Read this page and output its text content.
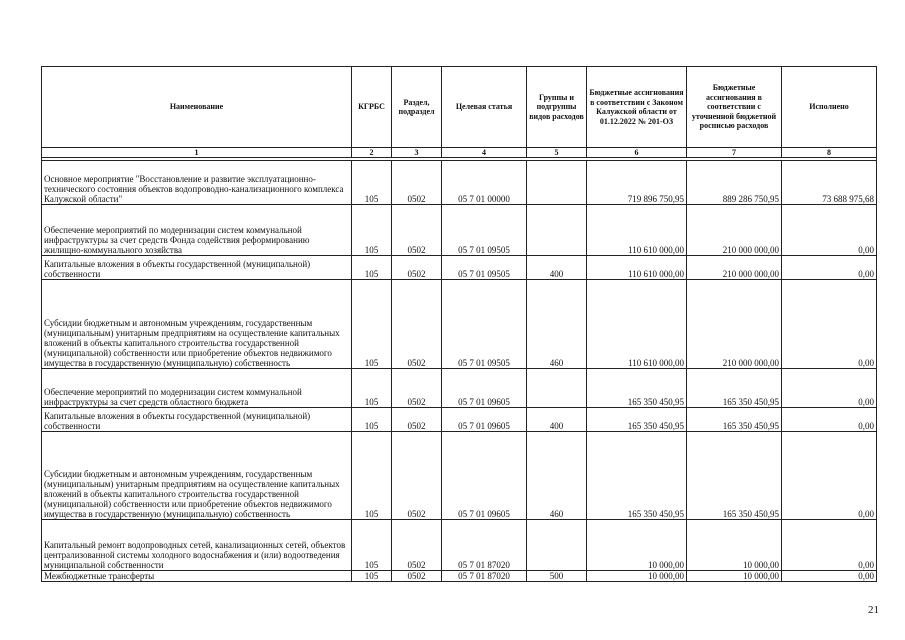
Наименование	КГРБС	Раздел, подраздел	Целевая статья	Группы и подгруппы видов расходов	Бюджетные ассигнования в соответствии с Законом Калужской области от 01.12.2022 № 201-ОЗ	Бюджетные ассигнования в соответствии с уточненной бюджетной росписью расходов	Исполнено
1	2	3	4	5	6	7	8

Основное мероприятие "Восстановление и развитие эксплуатационно-технического состояния объектов водопроводно-канализационного комплекса Калужской области"	105	0502	05 7 01 00000		719 896 750,95	889 286 750,95	73 688 975,68
Обеспечение мероприятий по модернизации систем коммунальной инфраструктуры за счет средств Фонда содействия реформированию жилищно-коммунального хозяйства	105	0502	05 7 01 09505		110 610 000,00	210 000 000,00	0,00
Капитальные вложения в объекты государственной (муниципальной) собственности	105	0502	05 7 01 09505	400	110 610 000,00	210 000 000,00	0,00
Субсидии бюджетным и автономным учреждениям, государственным (муниципальным) унитарным предприятиям на осуществление капитальных вложений в объекты капитального строительства государственной (муниципальной) собственности или приобретение объектов недвижимого имущества в государственную (муниципальную) собственность	105	0502	05 7 01 09505	460	110 610 000,00	210 000 000,00	0,00
Обеспечение мероприятий по модернизации систем коммунальной инфраструктуры за счет средств областного бюджета	105	0502	05 7 01 09605		165 350 450,95	165 350 450,95	0,00
Капитальные вложения в объекты государственной (муниципальной) собственности	105	0502	05 7 01 09605	400	165 350 450,95	165 350 450,95	0,00
Субсидии бюджетным и автономным учреждениям, государственным (муниципальным) унитарным предприятиям на осуществление капитальных вложений в объекты капитального строительства государственной (муниципальной) собственности или приобретение объектов недвижимого имущества в государственную (муниципальную) собственность	105	0502	05 7 01 09605	460	165 350 450,95	165 350 450,95	0,00
Капитальный ремонт водопроводных сетей, канализационных сетей, объектов централизованной системы холодного водоснабжения и (или) водоотведения муниципальной собственности	105	0502	05 7 01 87020		10 000,00	10 000,00	0,00
Межбюджетные трансферты	105	0502	05 7 01 87020	500	10 000,00	10 000,00	0,00
21
